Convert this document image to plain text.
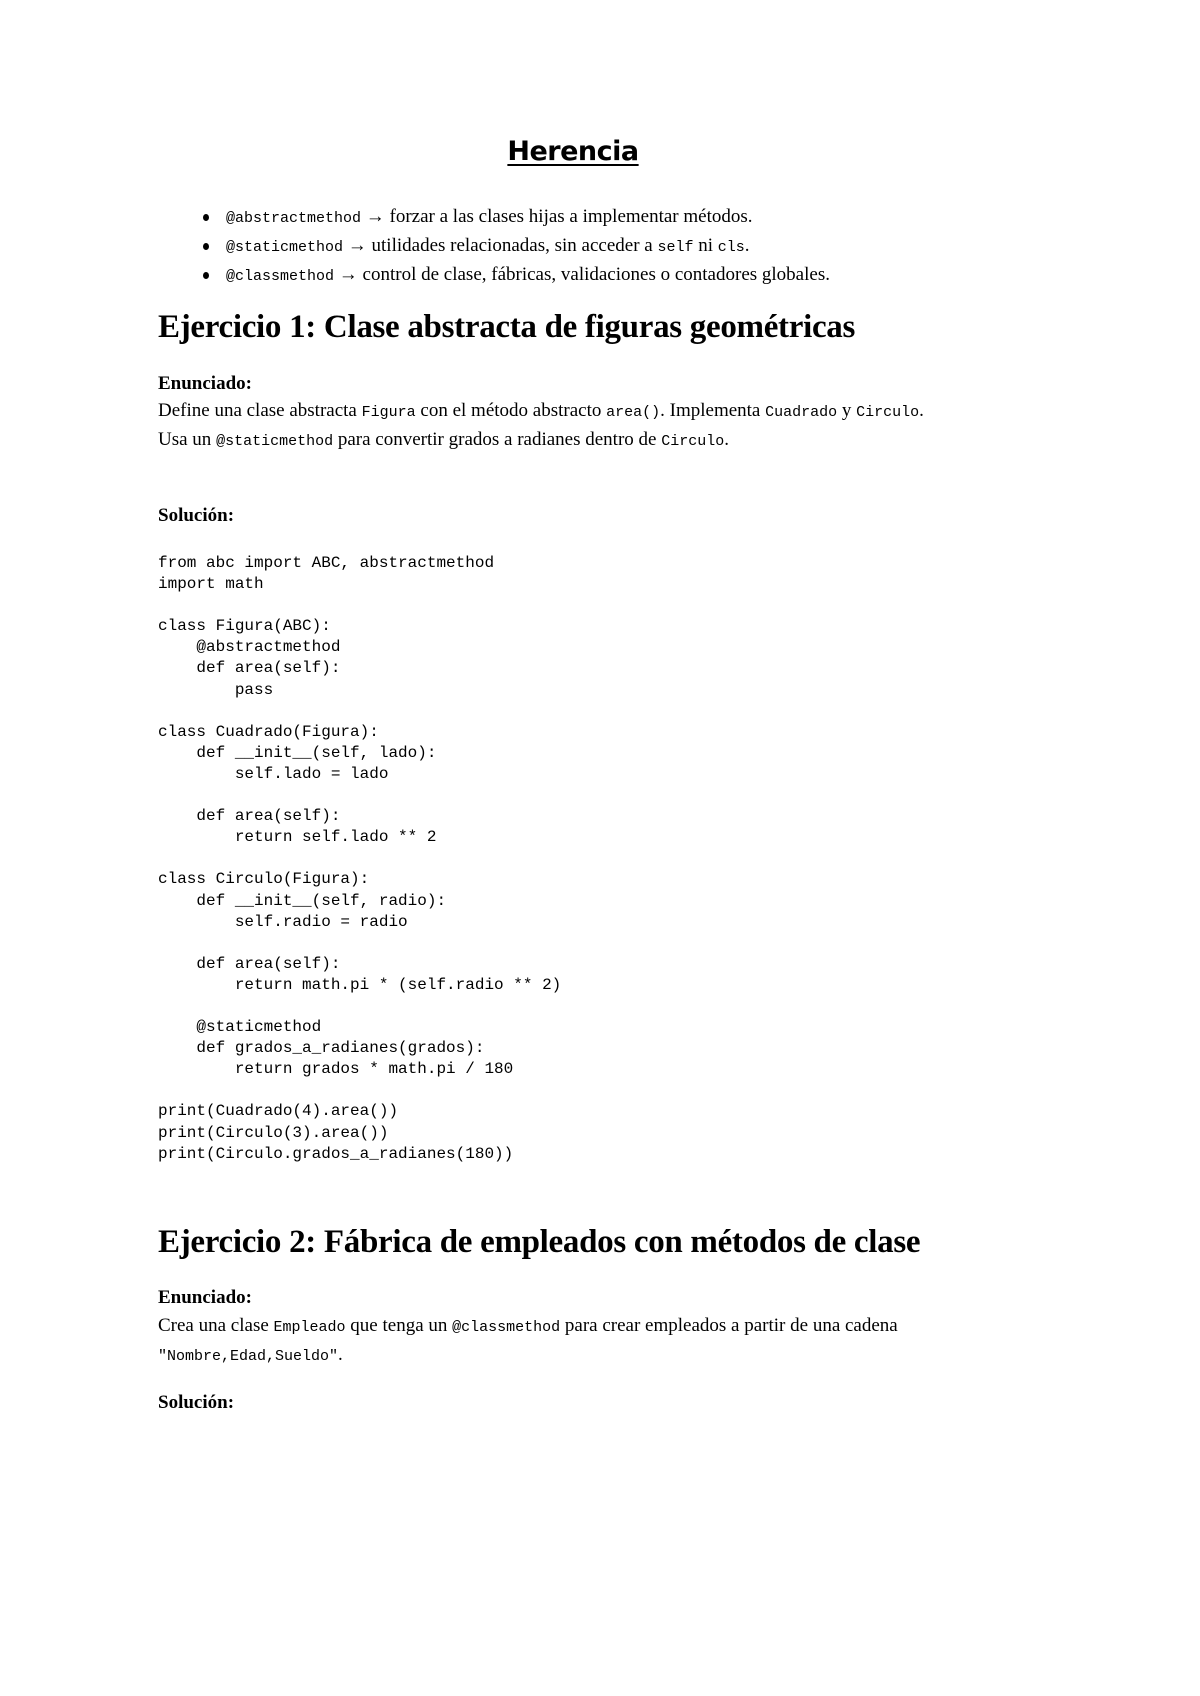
Herencia
@abstractmethod → forzar a las clases hijas a implementar métodos.
@staticmethod → utilidades relacionadas, sin acceder a self ni cls.
@classmethod → control de clase, fábricas, validaciones o contadores globales.
Ejercicio 1: Clase abstracta de figuras geométricas
Enunciado:
Define una clase abstracta Figura con el método abstracto area(). Implementa Cuadrado y Circulo. Usa un @staticmethod para convertir grados a radianes dentro de Circulo.
Solución:
from abc import ABC, abstractmethod
import math
class Figura(ABC):
@abstractmethod
def area(self):
pass
class Cuadrado(Figura):
def __init__(self, lado):
self.lado = lado
def area(self):
return self.lado ** 2
class Circulo(Figura):
def __init__(self, radio):
self.radio = radio
def area(self):
return math.pi * (self.radio ** 2)
@staticmethod
def grados_a_radianes(grados):
return grados * math.pi / 180
print(Cuadrado(4).area())
print(Circulo(3).area())
print(Circulo.grados_a_radianes(180))
Ejercicio 2: Fábrica de empleados con métodos de clase
Enunciado:
Crea una clase Empleado que tenga un @classmethod para crear empleados a partir de una cadena "Nombre,Edad,Sueldo".
Solución:
